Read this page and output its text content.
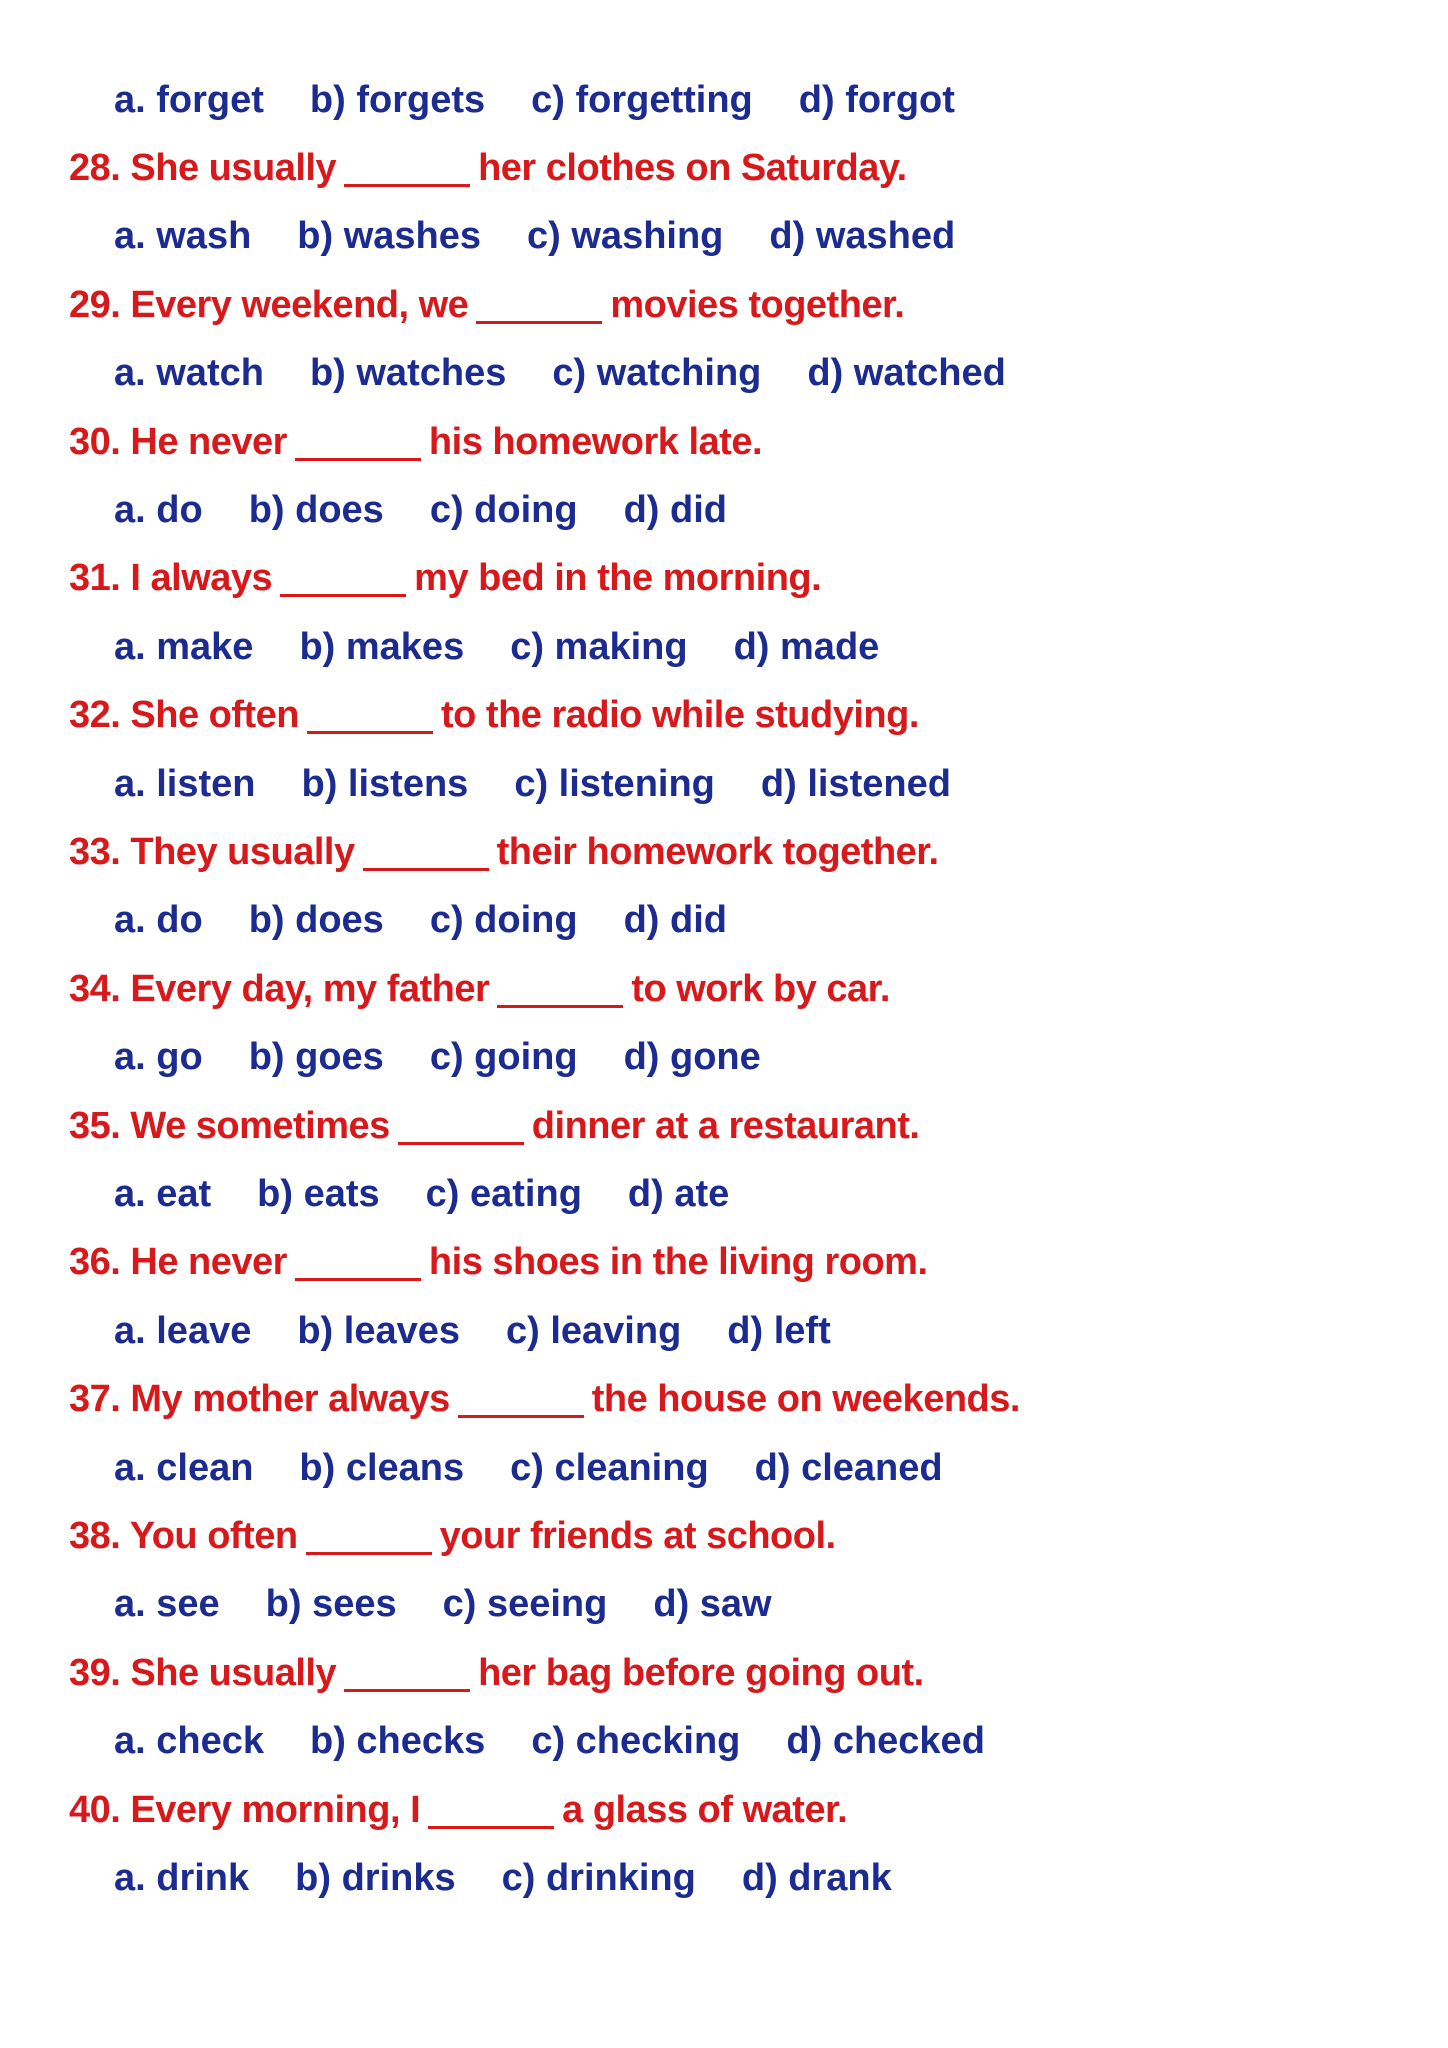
a. forget b) forgets c) forgetting d) forgot
28. She usually	her clothes on Saturday.
a. wash b) washes c) washing d) washed
29. Every weekend, we	movies together.
a. watch b) watches c) watching d) watched
30. He never	his homework late.
a. do b) does c) doing d) did
31. I always	my bed in the morning.
a. make b) makes c) making d) made
32. She often	to the radio while studying.
a. listen b) listens c) listening d) listened
33. They usually	their homework together.
a. do b) does c) doing d) did
34. Every day, my father	to work by car.
a. go b) goes c) going d) gone
35. We sometimes	dinner at a restaurant.
a. eat b) eats c) eating d) ate
36. He never	his shoes in the living room.
a. leave b) leaves c) leaving d) left
37. My mother always	the house on weekends.
a. clean b) cleans c) cleaning d) cleaned
38. You often	your friends at school.
a. see b) sees c) seeing d) saw
39. She usually	her bag before going out.
a. check b) checks c) checking d) checked
40. Every morning, I	a glass of water.
a. drink b) drinks c) drinking d) drank
